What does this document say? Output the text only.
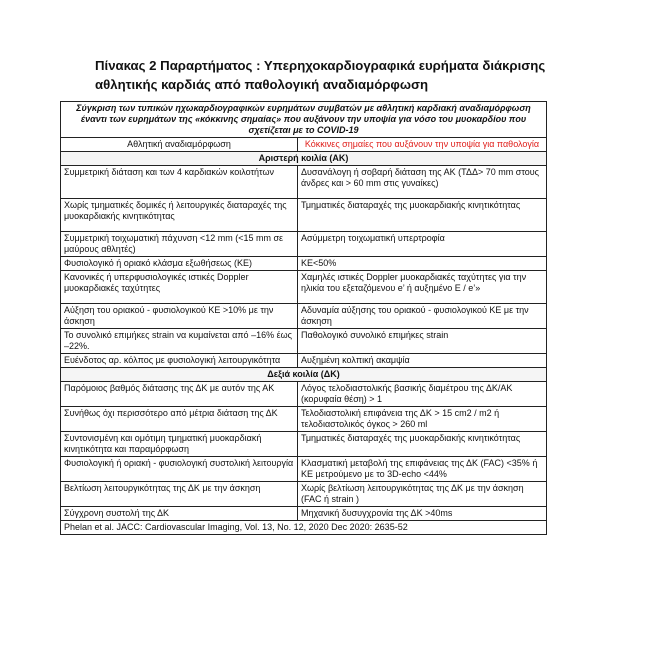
Πίνακας 2 Παραρτήματος : Υπερηχοκαρδιογραφικά ευρήματα διάκρισης αθλητικής καρδιάς από παθολογική αναδιαμόρφωση
Σύγκριση των τυπικών ηχωκαρδιογραφικών ευρημάτων συμβατών με αθλητική καρδιακή αναδιαμόρφωση έναντι των ευρημάτων της «κόκκινης σημαίας» που αυξάνουν την υποψία για νόσο του μυοκαρδίου που σχετίζεται με το COVID-19	
Αθλητική αναδιαμόρφωση	Κόκκινες σημαίες που αυξάνουν την υποψία για παθολογία
Αριστερή κοιλία (ΑΚ)	
Συμμετρική διάταση και των 4 καρδιακών κοιλοτήτων	Δυσανάλογη ή σοβαρή διάταση της ΑΚ (ΤΔΔ> 70 mm στους άνδρες και > 60 mm στις γυναίκες)
Χωρίς τμηματικές δομικές ή λειτουργικές διαταραχές της μυοκαρδιακής κινητικότητας	Τμηματικές διαταραχές της μυοκαρδιακής κινητικότητας
Συμμετρική τοιχωματική πάχυνση <12 mm (<15 mm σε μαύρους αθλητές)	Ασύμμετρη τοιχωματική υπερτροφία
Φυσιολογικό ή οριακό κλάσμα εξωθήσεως (ΚΕ)	ΚΕ<50%
Κανονικές ή υπερφυσιολογικές ιστικές Doppler μυοκαρδιακές ταχύτητες	Χαμηλές ιστικές Doppler μυοκαρδιακές ταχύτητες για την ηλικία του εξεταζόμενου e’ ή αυξημένο E / e’»
Αύξηση του οριακού - φυσιολογικού ΚΕ >10% με την άσκηση	Αδυναμία αύξησης του οριακού - φυσιολογικού ΚΕ με την άσκηση
Το συνολικό επιμήκες strain να κυμαίνεται από –16% έως –22%.	Παθολογικό συνολικό επιμήκες strain
Ευένδοτος αρ. κόλπος με φυσιολογική λειτουργικότητα	Αυξημένη κολπική ακαμψία
Δεξιά κοιλία (ΔΚ)	
Παρόμοιος βαθμός διάτασης της ΔΚ με αυτόν της ΑΚ	Λόγος τελοδιαστολικής βασικής διαμέτρου της ΔΚ/ΑΚ (κορυφαία θέση) > 1
Συνήθως όχι περισσότερο από μέτρια διάταση της ΔΚ	Τελοδιαστολική επιφάνεια της ΔΚ > 15 cm2 / m2 ή τελοδιαστολικός όγκος > 260 ml
Συντονισμένη και ομότιμη τμηματική μυοκαρδιακή κινητικότητα και παραμόρφωση	Τμηματικές διαταραχές της μυοκαρδιακής κινητικότητας
Φυσιολογική ή οριακή - φυσιολογική συστολική λειτουργία	Κλασματική μεταβολή της επιφάνειας της ΔΚ (FAC) <35% ή ΚΕ μετρούμενο με το 3D-echo <44%
Βελτίωση λειτουργικότητας της ΔΚ με την άσκηση	Χωρίς βελτίωση λειτουργικότητας της ΔΚ με την άσκηση (FAC ή strain )
Σύγχρονη συστολή της ΔΚ	Μηχανική δυσυγχρονία της ΔΚ >40ms
Phelan et al. JACC: Cardiovascular Imaging, Vol. 13, No. 12, 2020 Dec 2020: 2635-52	
